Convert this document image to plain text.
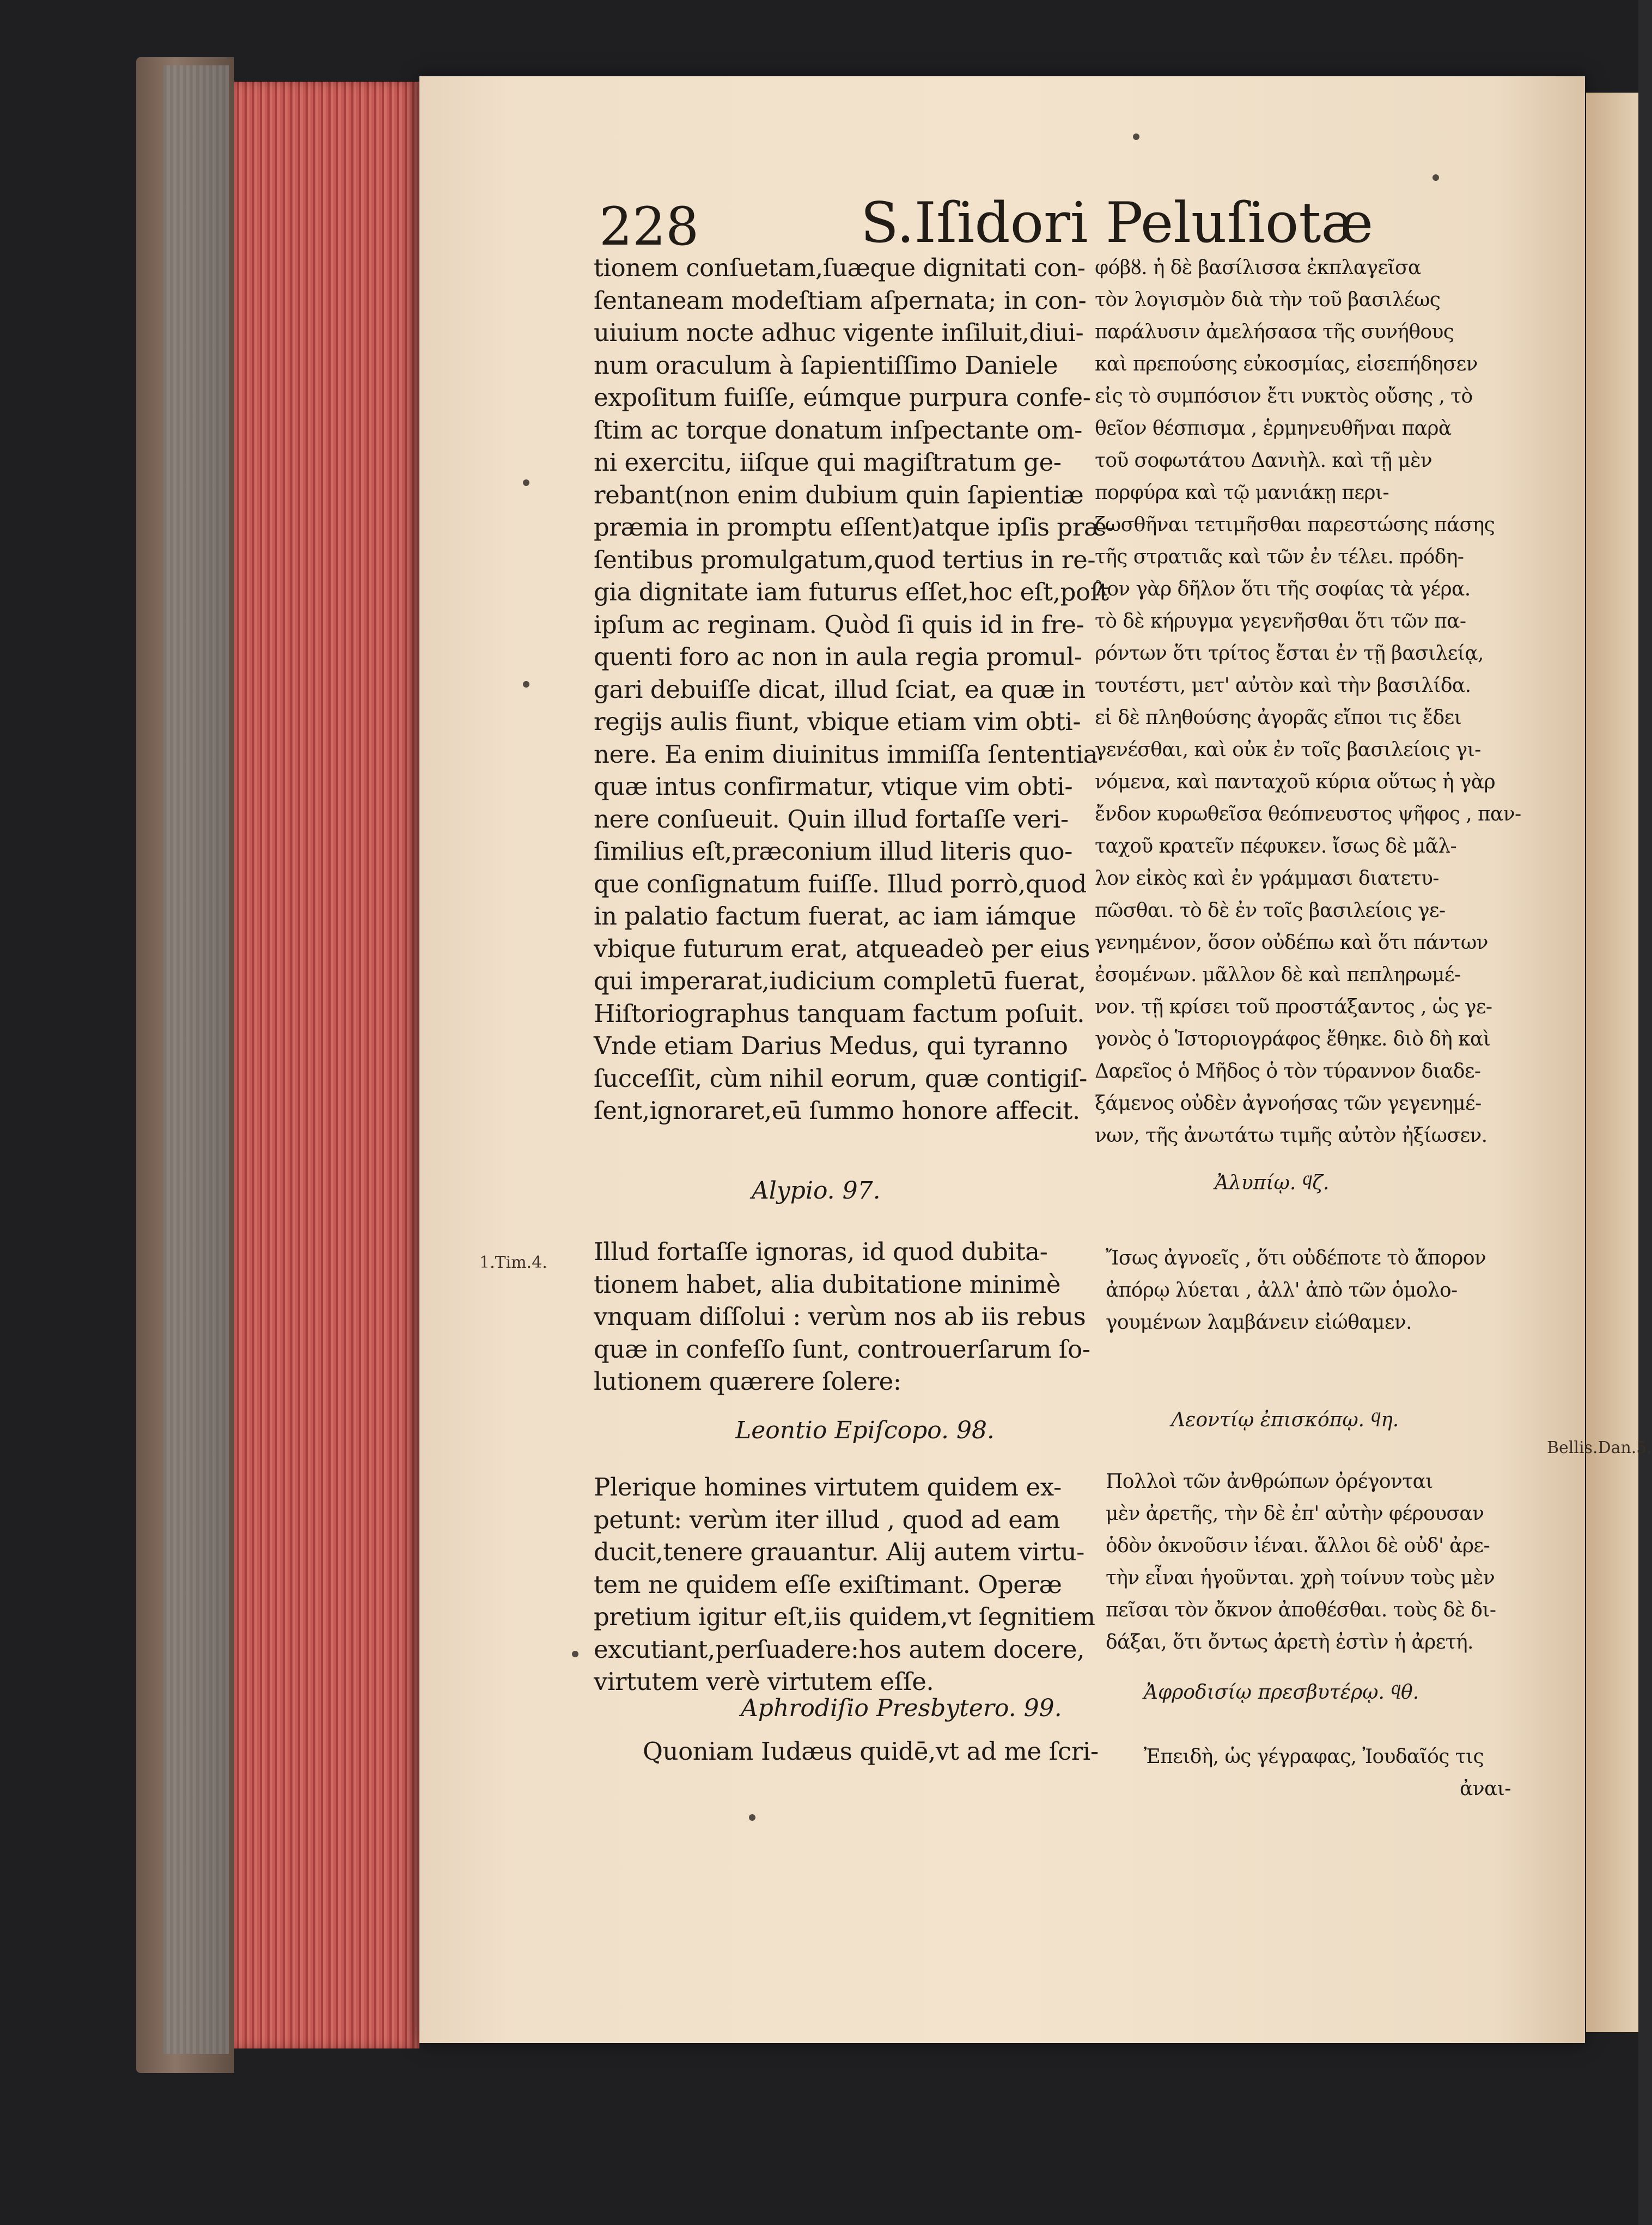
228	S.Iſidori Peluſiotæ
tionem conſuetam,ſuæque dignitati con-
ſentaneam modeſtiam aſpernata; in con-
uiuium nocte adhuc vigente inſiluit,diui-
num oraculum à ſapientiſſimo Daniele
expoſitum fuiſſe, eúmque purpura confe-
ſtim ac torque donatum inſpectante om-
ni exercitu, iiſque qui magiſtratum ge-
rebant(non enim dubium quin ſapientiæ
præmia in promptu eſſent)atque ipſis præ-
ſentibus promulgatum,quod tertius in re-
gia dignitate iam futurus eſſet,hoc eſt,poſt
ipſum ac reginam. Quòd ſi quis id in fre-
quenti foro ac non in aula regia promul-
gari debuiſſe dicat, illud ſciat, ea quæ in
regijs aulis fiunt, vbique etiam vim obti-
nere. Ea enim diuinitus immiſſa ſententia
quæ intus confirmatur, vtique vim obti-
nere conſueuit. Quin illud fortaſſe veri-
ſimilius eſt,præconium illud literis quo-
que conſignatum fuiſſe. Illud porrò,quod
in palatio factum fuerat, ac iam iámque
vbique futurum erat, atqueadeò per eius
qui imperarat,iudicium completū fuerat,
Hiſtoriographus tanquam factum poſuit.
Vnde etiam Darius Medus, qui tyranno
ſucceſſit, cùm nihil eorum, quæ contigiſ-
ſent,ignoraret,eū ſummo honore affecit.
φόβȣ. ἡ δὲ βασίλισσα ἐκπλαγεῖσα
τὸν λογισμὸν διὰ τὴν τοῦ βασιλέως
παράλυσιν ἀμελήσασα τῆς συνήθους
καὶ πρεπούσης εὐκοσμίας, εἰσεπήδησεν
εἰς τὸ συμπόσιον ἔτι νυκτὸς οὔσης , τὸ
θεῖον θέσπισμα , ἑρμηνευθῆναι παρὰ
τοῦ σοφωτάτου Δανιὴλ. καὶ τῇ μὲν
πορφύρα καὶ τῷ μανιάκῃ περι-
ζωσθῆναι τετιμῆσθαι παρεστώσης πάσης
τῆς στρατιᾶς καὶ τῶν ἐν τέλει. πρόδη-
λον γὰρ δῆλον ὅτι τῆς σοφίας τὰ γέρα.
τὸ δὲ κήρυγμα γεγενῆσθαι ὅτι τῶν πα-
ρόντων ὅτι τρίτος ἔσται ἐν τῇ βασιλείᾳ,
τουτέστι, μετ' αὐτὸν καὶ τὴν βασιλίδα.
εἰ δὲ πληθούσης ἀγορᾶς εἴποι τις ἔδει
γενέσθαι, καὶ οὐκ ἐν τοῖς βασιλείοις γι-
νόμενα, καὶ πανταχοῦ κύρια οὕτως ἡ γὰρ
ἔνδον κυρωθεῖσα θεόπνευστος ψῆφος , παν-
ταχοῦ κρατεῖν πέφυκεν. ἴσως δὲ μᾶλ-
λον εἰκὸς καὶ ἐν γράμμασι διατετυ-
πῶσθαι. τὸ δὲ ἐν τοῖς βασιλείοις γε-
γενημένον, ὅσον οὐδέπω καὶ ὅτι πάντων
ἐσομένων. μᾶλλον δὲ καὶ πεπληρωμέ-
νον. τῇ κρίσει τοῦ προστάξαντος , ὡς γε-
γονὸς ὁ Ἱστοριογράφος ἔθηκε. διὸ δὴ καὶ
Δαρεῖος ὁ Μῆδος ὁ τὸν τύραννον διαδε-
ξάμενος οὐδὲν ἀγνοήσας τῶν γεγενημέ-
νων, τῆς ἀνωτάτω τιμῆς αὐτὸν ἠξίωσεν.
Alypio. 97.	Ἀλυπίῳ. ϥζ.
Illud fortaſſe ignoras, id quod dubita-
tionem habet, alia dubitatione minimè
vnquam diſſolui : verùm nos ab iis rebus
quæ in confeſſo ſunt, controuerſarum ſo-
lutionem quærere ſolere:
Ἴσως ἀγνοεῖς , ὅτι οὐδέποτε τὸ ἄπορον
ἀπόρῳ λύεται , ἀλλ' ἀπὸ τῶν ὁμολο-
γουμένων λαμβάνειν εἰώθαμεν.
Leontio Epiſcopo. 98.	Λεοντίῳ ἐπισκόπῳ. ϥη.
Plerique homines virtutem quidem ex-
petunt: verùm iter illud , quod ad eam
ducit,tenere grauantur. Alij autem virtu-
tem ne quidem eſſe exiſtimant. Operæ
pretium igitur eſt,iis quidem,vt ſegnitiem
excutiant,perſuadere:hos autem docere,
virtutem verè virtutem eſſe.
Πολλοὶ τῶν ἀνθρώπων ὀρέγονται
μὲν ἀρετῆς, τὴν δὲ ἐπ' αὐτὴν φέρουσαν
ὁδὸν ὀκνοῦσιν ἰέναι. ἄλλοι δὲ οὐδ' ἀρε-
τὴν εἶναι ἡγοῦνται. χρὴ τοίνυν τοὺς μὲν
πεῖσαι τὸν ὄκνον ἀποθέσθαι. τοὺς δὲ δι-
δάξαι, ὅτι ὄντως ἀρετὴ ἐστὶν ἡ ἀρετή.
Aphrodiſio Presbytero. 99.
Ἀφροδισίῳ πρεσβυτέρῳ. ϥθ.
Quoniam Iudæus quidē,vt ad me ſcri- Ἐπειδὴ, ὡς γέγραφας, Ἰουδαῖός τις
ἀναι-
1.Tim.4.
Bellis.Dan.5.
